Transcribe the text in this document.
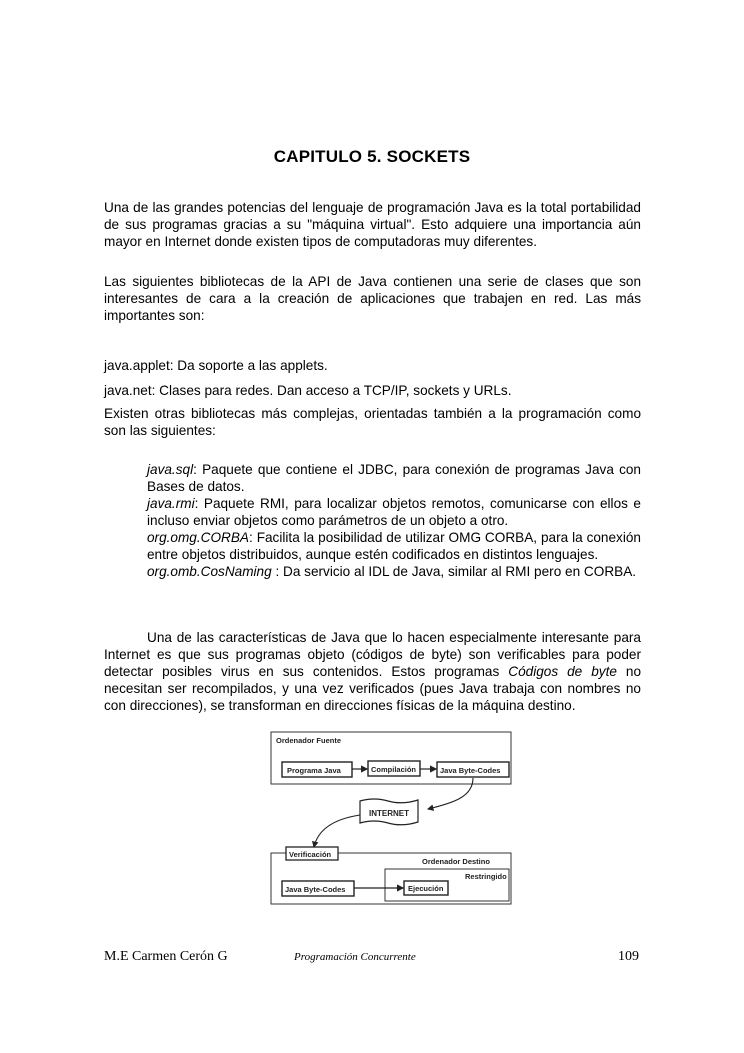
CAPITULO 5. SOCKETS

Una de las grandes potencias del lenguaje de programación Java es la total portabilidad de sus programas gracias a su "máquina virtual". Esto adquiere una importancia aún mayor en Internet donde existen tipos de computadoras muy diferentes.

Las siguientes bibliotecas de la API de Java contienen una serie de clases que son interesantes de cara a la creación de aplicaciones que trabajen en red. Las más importantes son:

java.applet: Da soporte a las applets.

java.net: Clases para redes. Dan acceso a TCP/IP, sockets y URLs.

Existen otras bibliotecas más complejas, orientadas también a la programación como son las siguientes:

java.sql: Paquete que contiene el JDBC, para conexión de programas Java con Bases de datos.

java.rmi: Paquete RMI, para localizar objetos remotos, comunicarse con ellos e incluso enviar objetos como parámetros de un objeto a otro.

org.omg.CORBA: Facilita la posibilidad de utilizar OMG CORBA, para la conexión entre objetos distribuidos, aunque estén codificados en distintos lenguajes.

org.omb.CosNaming : Da servicio al IDL de Java, similar al RMI pero en CORBA.

Una de las características de Java que lo hacen especialmente interesante para Internet es que sus programas objeto (códigos de byte) son verificables para poder detectar posibles virus en sus contenidos. Estos programas Códigos de byte no necesitan ser recompilados, y una vez verificados (pues Java trabaja con nombres no con direcciones), se transforman en direcciones físicas de la máquina destino.

Ordenador Fuente
Programa Java	Compilación	Java Byte-Codes
INTERNET
Verificación
Ordenador Destino
Restringido
Java Byte-Codes	Ejecución
M.E Carmen Cerón G	Programación Concurrente	109
